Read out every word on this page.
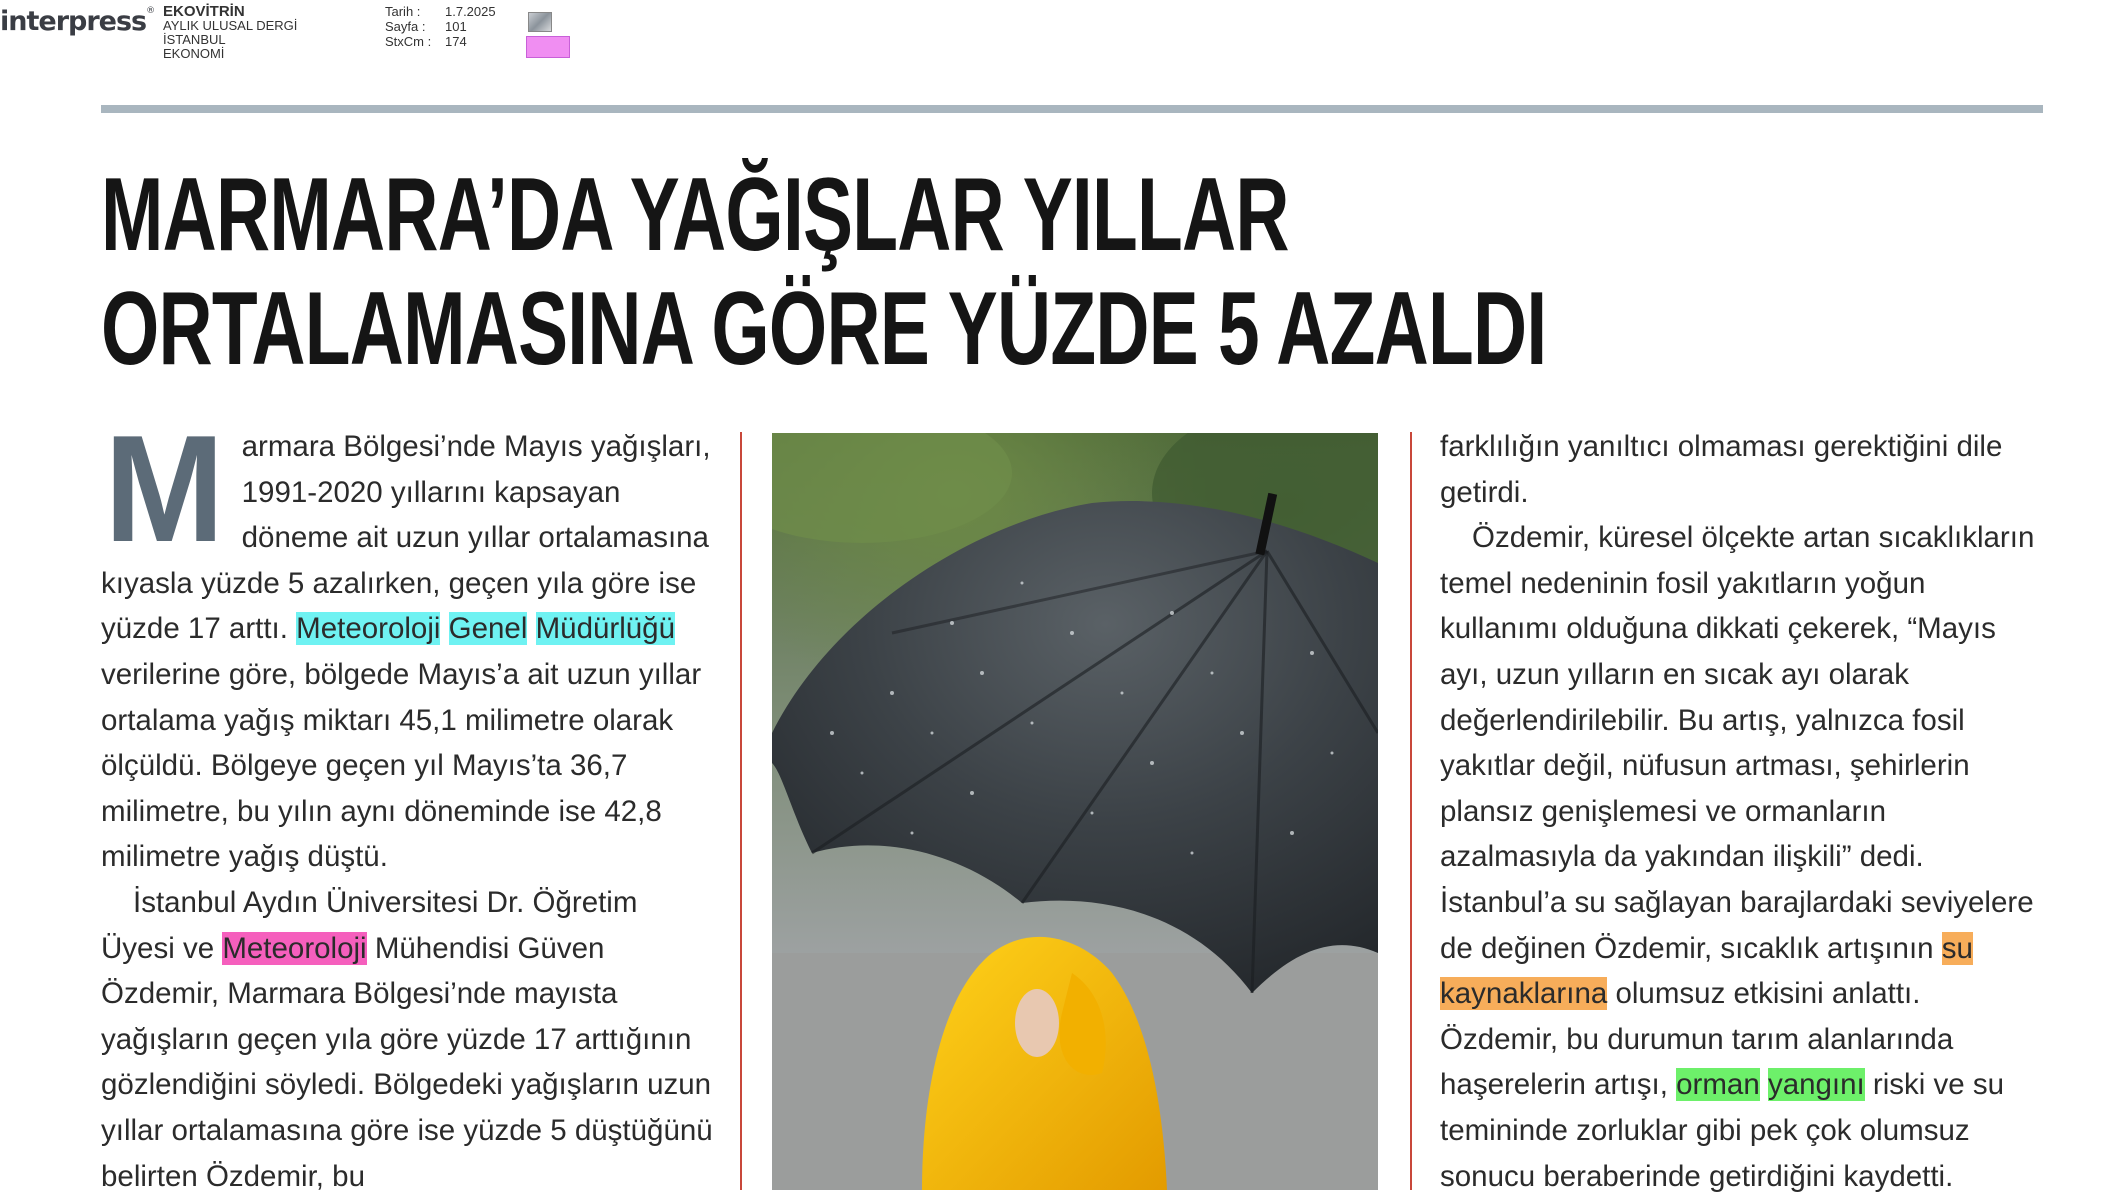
interpress® EKOVİTRİN
AYLIK ULUSAL DERGİ
İSTANBUL
EKONOMİ
Tarih :	1.7.2025
Sayfa :	101
StxCm :	174
MARMARA’DA YAĞIŞLAR YILLAR
ORTALAMASINA GÖRE YÜZDE 5 AZALDI

Marmara Bölgesi’nde Mayıs yağışları, 1991-2020 yıllarını kapsayan döneme ait uzun yıllar ortalamasına kıyasla yüzde 5 azalırken, geçen yıla göre ise yüzde 17 arttı. Meteoroloji Genel Müdürlüğü verilerine göre, bölgede Mayıs’a ait uzun yıllar ortalama yağış miktarı 45,1 milimetre olarak ölçüldü. Bölgeye geçen yıl Mayıs’ta 36,7 milimetre, bu yılın aynı döneminde ise 42,8 milimetre yağış düştü.

İstanbul Aydın Üniversitesi Dr. Öğretim Üyesi ve Meteoroloji Mühendisi Güven Özdemir, Marmara Bölgesi’nde mayısta yağışların geçen yıla göre yüzde 17 arttığının gözlendiğini söyledi. Bölgedeki yağışların uzun yıllar ortalamasına göre ise yüzde 5 düştüğünü belirten Özdemir, bu

farklılığın yanıltıcı olmaması gerektiğini dile getirdi.

Özdemir, küresel ölçekte artan sıcaklıkların temel nedeninin fosil yakıtların yoğun kullanımı olduğuna dikkati çekerek, “Mayıs ayı, uzun yılların en sıcak ayı olarak değerlendirilebilir. Bu artış, yalnızca fosil yakıtlar değil, nüfusun artması, şehirlerin plansız genişlemesi ve ormanların azalmasıyla da yakından ilişkili” dedi. İstanbul’a su sağlayan barajlardaki seviyelere de değinen Özdemir, sıcaklık artışının su kaynaklarına olumsuz etkisini anlattı. Özdemir, bu durumun tarım alanlarında haşerelerin artışı, orman yangını riski ve su temininde zorluklar gibi pek çok olumsuz sonucu beraberinde getirdiğini kaydetti.
